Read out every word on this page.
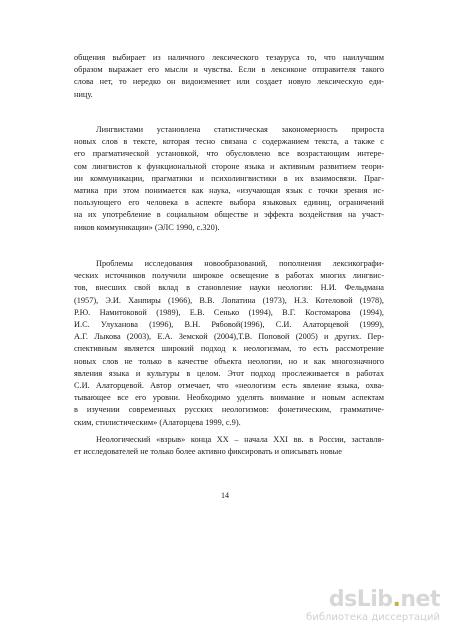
общения выбирает из наличного лексического тезауруса то, что наилучшим
образом выражает его мысли и чувства. Если в лексиконе отправителя такого
слова нет, то нередко он видоизменяет или создает новую лексическую еди-
ницу.
Лингвистами установлена статистическая закономерность прироста
новых слов в тексте, которая тесно связана с содержанием текста, а также с
его прагматической установкой, что обусловлено все возрастающим интере-
сом лингвистов к функциональной стороне языка и активным развитием теори-
ии коммуникации, прагматики и психолингвистики в их взаимосвязи. Праг-
матика при этом понимается как наука, «изучающая язык с точки зрения ис-
пользующего его человека в аспекте выбора языковых единиц, ограничений
на их употребление в социальном обществе и эффекта воздействия на участ-
ников коммуникации» (ЭЛС 1990, с.320).
Проблемы исследования новообразований, пополнения лексикографи-
ческих источников получили широкое освещение в работах многих лингвис-
тов, внесших свой вклад в становление науки неологии: Н.И. Фельдмана
(1957), Э.И. Ханпиры (1966), В.В. Лопатина (1973), Н.З. Котеловой (1978),
Р.Ю. Намитоковой (1989), Е.В. Сенько (1994), В.Г. Костомарова (1994),
И.С. Улуханова (1996), В.Н. Рябовой(1996), С.И. Алаторцевой (1999),
А.Г. Лыкова (2003), Е.А. Земской (2004),Т.В. Поповой (2005) и других. Пер-
спективным является широкий подход к неологизмам, то есть рассмотрение
новых слов не только в качестве объекта неологии, но и как многозначного
явления языка и культуры в целом. Этот подход прослеживается в работах
С.И. Алаторцевой. Автор отмечает, что «неологизм есть явление языка, охва-
тывающее все его уровни. Необходимо уделять внимание и новым аспектам
в изучении современных русских неологизмов: фонетическим, грамматиче-
ским, стилистическим» (Алаторцева 1999, с.9).
Неологический «взрыв» конца ХХ – начала ХХI вв. в России, заставля-
ет исследователей не только более активно фиксировать и описывать новые
14
dsLib.net
библиотека диссертаций
